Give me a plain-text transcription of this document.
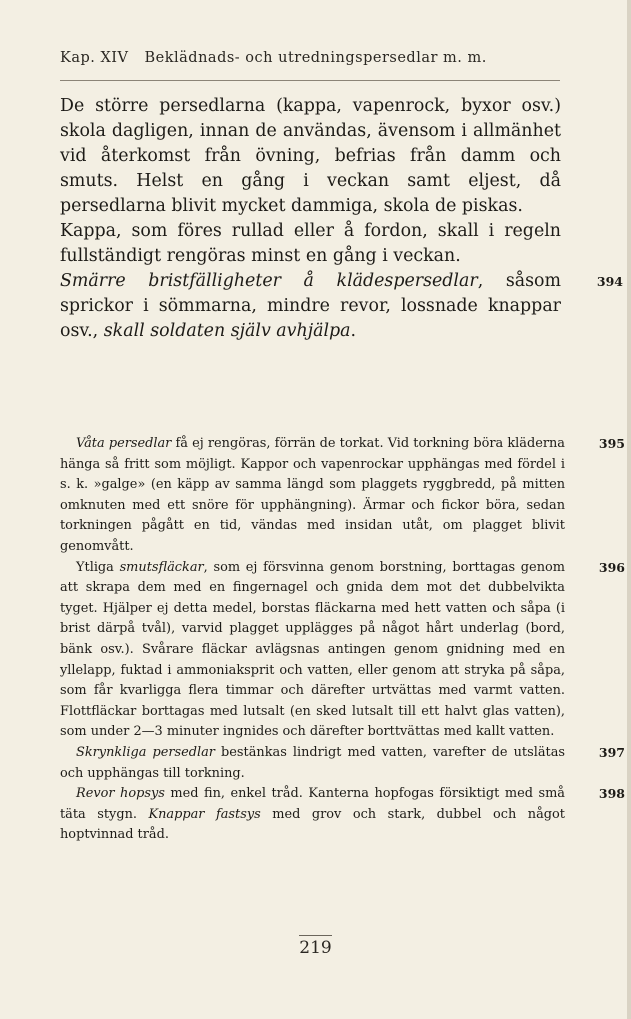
Kap. XIV Beklädnads- och utredningspersedlar m. m.

De större persedlarna (kappa, vapenrock, byxor osv.) skola dagligen, innan de användas, ävensom i allmänhet vid återkomst från övning, befrias från damm och smuts. Helst en gång i veckan samt eljest, då persedlarna blivit mycket dammiga, skola de piskas.

Kappa, som föres rullad eller å fordon, skall i regeln fullständigt rengöras minst en gång i veckan.

Smärre bristfälligheter å klädespersedlar, såsom sprickor i sömmarna, mindre revor, lossnade knappar osv., skall soldaten själv avhjälpa.
394

Våta persedlar få ej rengöras, förrän de torkat. Vid torkning böra kläderna hänga så fritt som möjligt. Kappor och vapenrockar upphängas med fördel i s. k. »galge» (en käpp av samma längd som plaggets ryggbredd, på mitten omknuten med ett snöre för upphängning). Ärmar och fickor böra, sedan torkningen pågått en tid, vändas med insidan utåt, om plagget blivit genomvått.
395

Ytliga smutsfläckar, som ej försvinna genom borstning, borttagas genom att skrapa dem med en fingernagel och gnida dem mot det dubbelvikta tyget. Hjälper ej detta medel, borstas fläckarna med hett vatten och såpa (i brist därpå tvål), varvid plagget upplägges på något hårt underlag (bord, bänk osv.). Svårare fläckar avlägsnas antingen genom gnidning med en yllelapp, fuktad i ammoniaksprit och vatten, eller genom att stryka på såpa, som får kvarligga flera timmar och därefter urtvättas med varmt vatten. Flottfläckar borttagas med lutsalt (en sked lutsalt till ett halvt glas vatten), som under 2—3 minuter ingnides och därefter borttvättas med kallt vatten.
396

Skrynkliga persedlar bestänkas lindrigt med vatten, varefter de utslätas och upphängas till torkning.
397

Revor hopsys med fin, enkel tråd. Kanterna hopfogas försiktigt med små täta stygn. Knappar fastsys med grov och stark, dubbel och något hoptvinnad tråd.
398

219
